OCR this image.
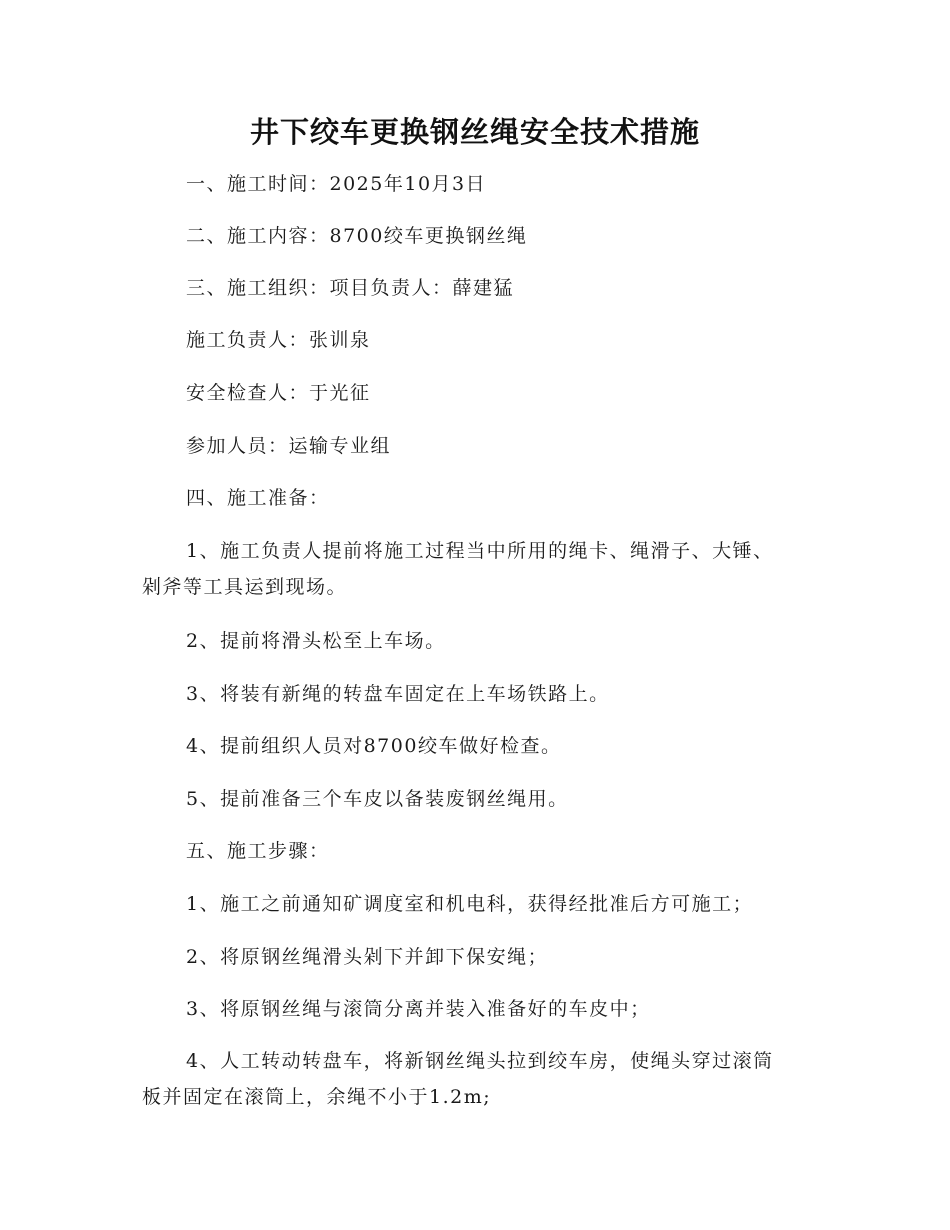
井下绞车更换钢丝绳安全技术措施
一、施工时间：2025年10月3日
二、施工内容：8700绞车更换钢丝绳
三、施工组织：项目负责人：薛建猛
施工负责人：张训泉
安全检查人：于光征
参加人员：运输专业组
四、施工准备：
1、施工负责人提前将施工过程当中所用的绳卡、绳滑子、大锤、
剁斧等工具运到现场。
2、提前将滑头松至上车场。
3、将装有新绳的转盘车固定在上车场铁路上。
4、提前组织人员对8700绞车做好检查。
5、提前准备三个车皮以备装废钢丝绳用。
五、施工步骤：
1、施工之前通知矿调度室和机电科，获得经批准后方可施工；
2、将原钢丝绳滑头剁下并卸下保安绳；
3、将原钢丝绳与滚筒分离并装入准备好的车皮中；
4、人工转动转盘车，将新钢丝绳头拉到绞车房，使绳头穿过滚筒
板并固定在滚筒上，余绳不小于1.2m;
